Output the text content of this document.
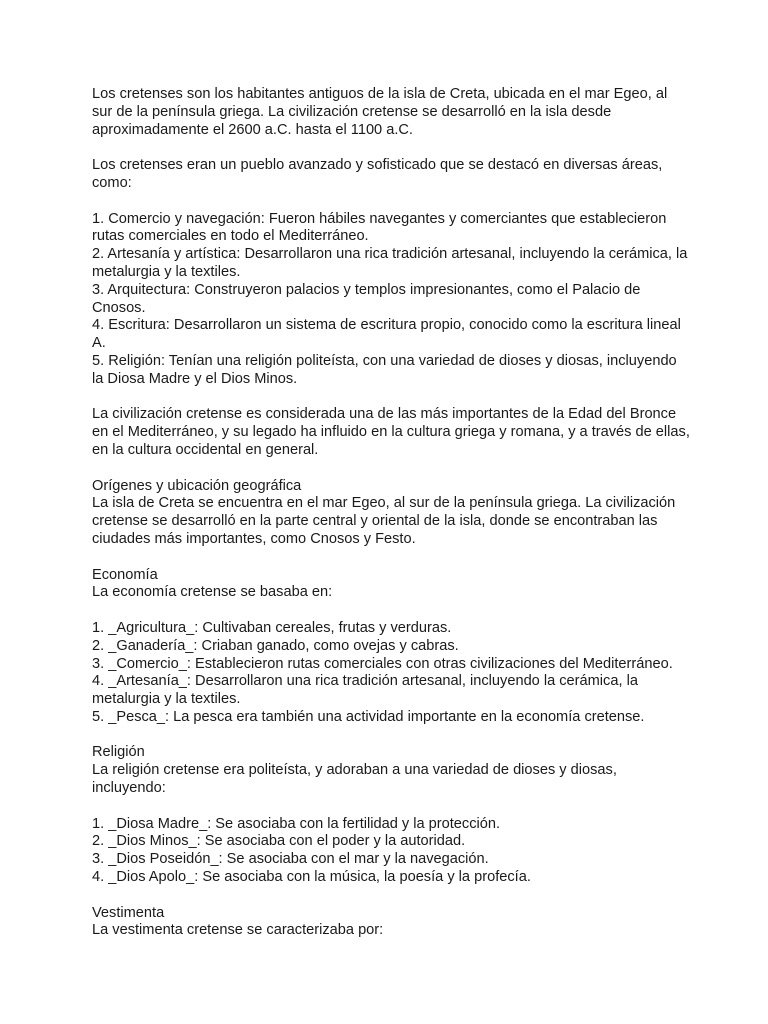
Los cretenses son los habitantes antiguos de la isla de Creta, ubicada en el mar Egeo, al
sur de la península griega. La civilización cretense se desarrolló en la isla desde
aproximadamente el 2600 a.C. hasta el 1100 a.C.
Los cretenses eran un pueblo avanzado y sofisticado que se destacó en diversas áreas,
como:
1. Comercio y navegación: Fueron hábiles navegantes y comerciantes que establecieron
rutas comerciales en todo el Mediterráneo.
2. Artesanía y artística: Desarrollaron una rica tradición artesanal, incluyendo la cerámica, la
metalurgia y la textiles.
3. Arquitectura: Construyeron palacios y templos impresionantes, como el Palacio de
Cnosos.
4. Escritura: Desarrollaron un sistema de escritura propio, conocido como la escritura lineal
A.
5. Religión: Tenían una religión politeísta, con una variedad de dioses y diosas, incluyendo
la Diosa Madre y el Dios Minos.
La civilización cretense es considerada una de las más importantes de la Edad del Bronce
en el Mediterráneo, y su legado ha influido en la cultura griega y romana, y a través de ellas,
en la cultura occidental en general.
Orígenes y ubicación geográfica
La isla de Creta se encuentra en el mar Egeo, al sur de la península griega. La civilización
cretense se desarrolló en la parte central y oriental de la isla, donde se encontraban las
ciudades más importantes, como Cnosos y Festo.
Economía
La economía cretense se basaba en:
1. _Agricultura_: Cultivaban cereales, frutas y verduras.
2. _Ganadería_: Criaban ganado, como ovejas y cabras.
3. _Comercio_: Establecieron rutas comerciales con otras civilizaciones del Mediterráneo.
4. _Artesanía_: Desarrollaron una rica tradición artesanal, incluyendo la cerámica, la
metalurgia y la textiles.
5. _Pesca_: La pesca era también una actividad importante en la economía cretense.
Religión
La religión cretense era politeísta, y adoraban a una variedad de dioses y diosas,
incluyendo:
1. _Diosa Madre_: Se asociaba con la fertilidad y la protección.
2. _Dios Minos_: Se asociaba con el poder y la autoridad.
3. _Dios Poseidón_: Se asociaba con el mar y la navegación.
4. _Dios Apolo_: Se asociaba con la música, la poesía y la profecía.
Vestimenta
La vestimenta cretense se caracterizaba por:
